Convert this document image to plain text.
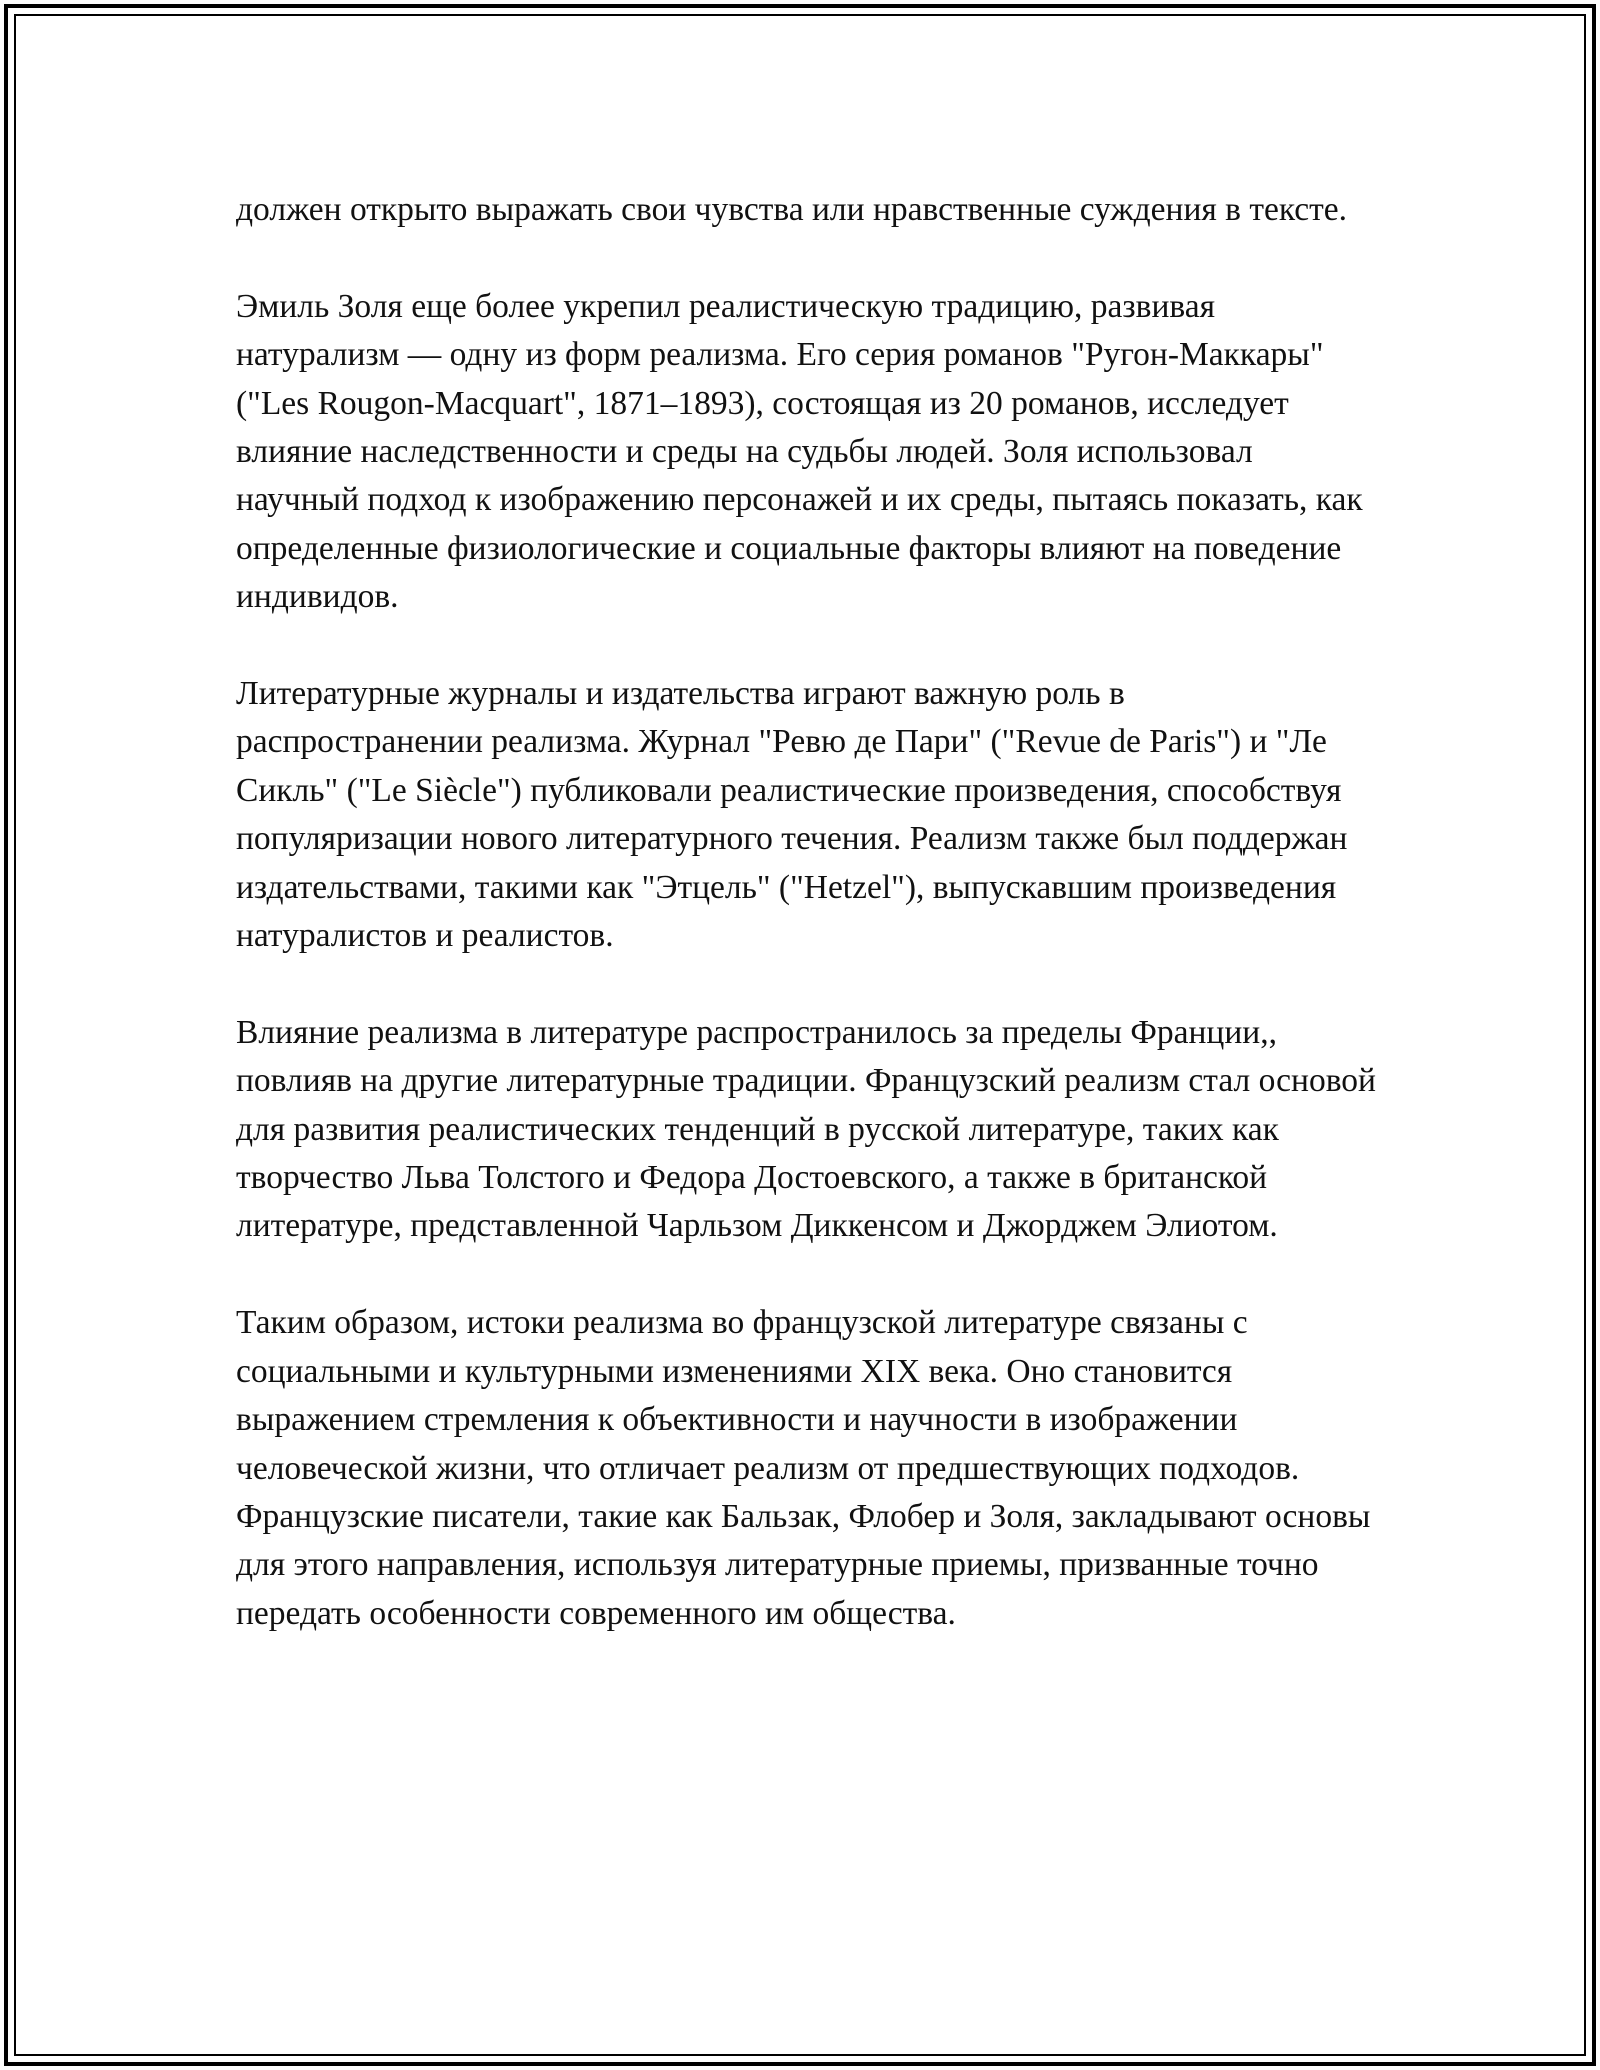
должен открыто выражать свои чувства или нравственные суждения в тексте.

Эмиль Золя еще более укрепил реалистическую традицию, развивая натурализм — одну из форм реализма. Его серия романов "Ругон-Маккары" ("Les Rougon-Macquart", 1871–1893), состоящая из 20 романов, исследует влияние наследственности и среды на судьбы людей. Золя использовал научный подход к изображению персонажей и их среды, пытаясь показать, как определенные физиологические и социальные факторы влияют на поведение индивидов.

Литературные журналы и издательства играют важную роль в распространении реализма. Журнал "Ревю де Пари" ("Revue de Paris") и "Ле Сикль" ("Le Siècle") публиковали реалистические произведения, способствуя популяризации нового литературного течения. Реализм также был поддержан издательствами, такими как "Этцель" ("Hetzel"), выпускавшим произведения натуралистов и реалистов.

Влияние реализма в литературе распространилось за пределы Франции,, повлияв на другие литературные традиции. Французский реализм стал основой для развития реалистических тенденций в русской литературе, таких как творчество Льва Толстого и Федора Достоевского, а также в британской литературе, представленной Чарльзом Диккенсом и Джорджем Элиотом.

Таким образом, истоки реализма во французской литературе связаны с социальными и культурными изменениями XIX века. Оно становится выражением стремления к объективности и научности в изображении человеческой жизни, что отличает реализм от предшествующих подходов. Французские писатели, такие как Бальзак, Флобер и Золя, закладывают основы для этого направления, используя литературные приемы, призванные точно передать особенности современного им общества.
